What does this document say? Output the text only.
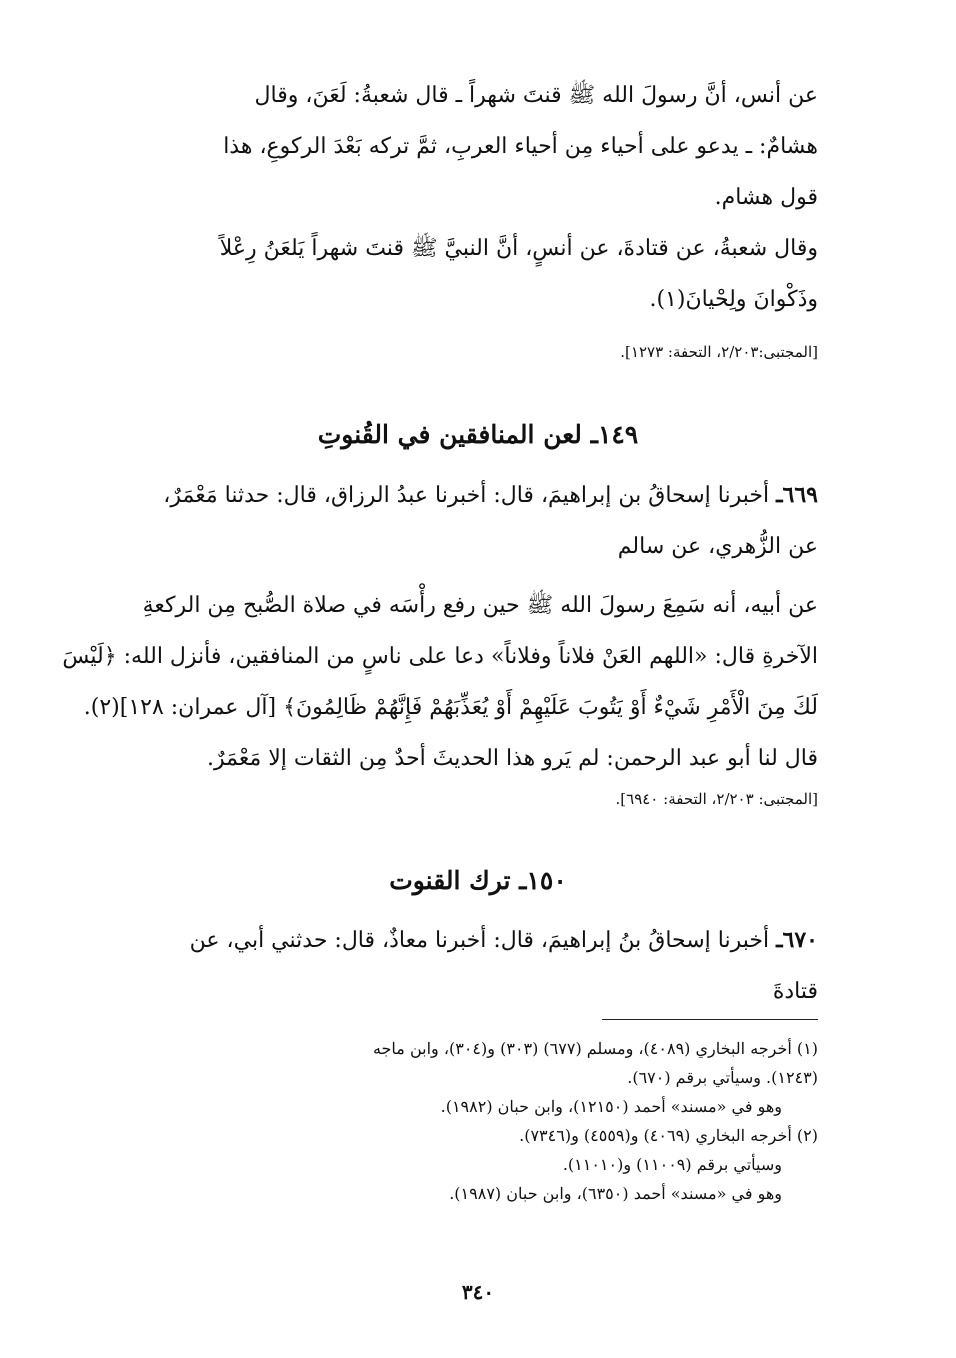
عن أنس، أنَّ رسولَ الله ﷺ قنتَ شهراً ـ قال شعبةُ: لَعَنَ، وقال
هشامٌ: ـ يدعو على أحياء مِن أحياء العربِ، ثمَّ تركه بَعْدَ الركوعِ، هذا
قول هشام.
وقال شعبةُ، عن قتادةَ، عن أنسٍ، أنَّ النبيَّ ﷺ قنتَ شهراً يَلعَنُ رِعْلاً
وذَكْوانَ ولِحْيانَ(١).
[المجتبى:٢/٢٠٣، التحفة: ١٢٧٣].
١٤٩ـ لعن المنافقين في القُنوتِ
٦٦٩ـ أخبرنا إسحاقُ بن إبراهيمَ، قال: أخبرنا عبدُ الرزاق، قال: حدثنا مَعْمَرٌ،
عن الزُّهري، عن سالم
عن أبيه، أنه سَمِعَ رسولَ الله ﷺ حين رفع رأْسَه في صلاة الصُّبح مِن الركعةِ
الآخرةِ قال: «اللهم العَنْ فلاناً وفلاناً» دعا على ناسٍ من المنافقين، فأنزل الله: ﴿لَيْسَ
لَكَ مِنَ الْأَمْرِ شَيْءٌ أَوْ يَتُوبَ عَلَيْهِمْ أَوْ يُعَذِّبَهُمْ فَإِنَّهُمْ ظَالِمُونَ﴾ [آل عمران: ١٢٨](٢).
قال لنا أبو عبد الرحمن: لم يَرو هذا الحديثَ أحدٌ مِن الثقات إلا مَعْمَرٌ.
[المجتبى: ٢/٢٠٣، التحفة: ٦٩٤٠].
١٥٠ـ ترك القنوت
٦٧٠ـ أخبرنا إسحاقُ بنُ إبراهيمَ، قال: أخبرنا معاذٌ، قال: حدثني أبي، عن
قتادةَ
(١) أخرجه البخاري (٤٠٨٩)، ومسلم (٦٧٧) (٣٠٣) و(٣٠٤)، وابن ماجه
(١٢٤٣). وسيأتي برقم (٦٧٠).
وهو في «مسند» أحمد (١٢١٥٠)، وابن حبان (١٩٨٢).
(٢) أخرجه البخاري (٤٠٦٩) و(٤٥٥٩) و(٧٣٤٦).
وسيأتي برقم (١١٠٠٩) و(١١٠١٠).
وهو في «مسند» أحمد (٦٣٥٠)، وابن حبان (١٩٨٧).
٣٤٠
